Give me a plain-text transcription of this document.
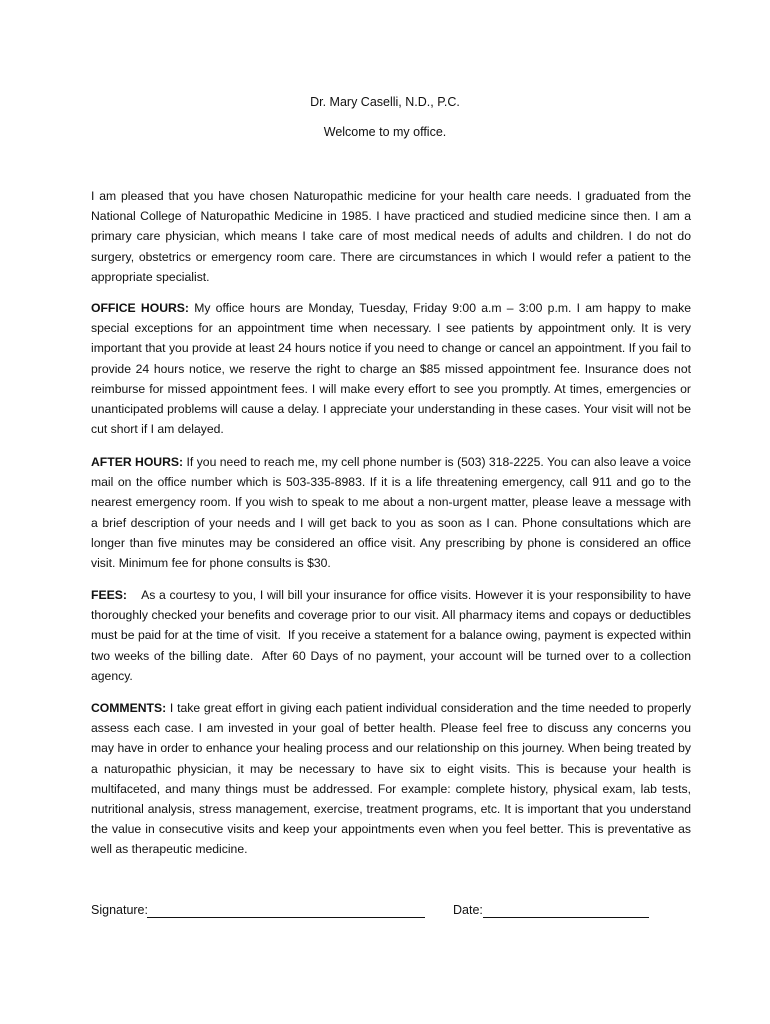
Dr. Mary Caselli, N.D., P.C.
Welcome to my office.

I am pleased that you have chosen Naturopathic medicine for your health care needs. I graduated from the National College of Naturopathic Medicine in 1985. I have practiced and studied medicine since then. I am a primary care physician, which means I take care of most medical needs of adults and children. I do not do surgery, obstetrics or emergency room care. There are circumstances in which I would refer a patient to the appropriate specialist.

OFFICE HOURS: My office hours are Monday, Tuesday, Friday 9:00 a.m – 3:00 p.m. I am happy to make special exceptions for an appointment time when necessary. I see patients by appointment only. It is very important that you provide at least 24 hours notice if you need to change or cancel an appointment. If you fail to provide 24 hours notice, we reserve the right to charge an $85 missed appointment fee. Insurance does not reimburse for missed appointment fees. I will make every effort to see you promptly. At times, emergencies or unanticipated problems will cause a delay. I appreciate your understanding in these cases. Your visit will not be cut short if I am delayed.

AFTER HOURS: If you need to reach me, my cell phone number is (503) 318-2225. You can also leave a voice mail on the office number which is 503-335-8983. If it is a life threatening emergency, call 911 and go to the nearest emergency room. If you wish to speak to me about a non-urgent matter, please leave a message with a brief description of your needs and I will get back to you as soon as I can. Phone consultations which are longer than five minutes may be considered an office visit. Any prescribing by phone is considered an office visit. Minimum fee for phone consults is $30.

FEES:    As a courtesy to you, I will bill your insurance for office visits. However it is your responsibility to have thoroughly checked your benefits and coverage prior to our visit. All pharmacy items and copays or deductibles must be paid for at the time of visit.  If you receive a statement for a balance owing, payment is expected within two weeks of the billing date.  After 60 Days of no payment, your account will be turned over to a collection agency.

COMMENTS: I take great effort in giving each patient individual consideration and the time needed to properly assess each case. I am invested in your goal of better health. Please feel free to discuss any concerns you may have in order to enhance your healing process and our relationship on this journey. When being treated by a naturopathic physician, it may be necessary to have six to eight visits. This is because your health is multifaceted, and many things must be addressed. For example: complete history, physical exam, lab tests, nutritional analysis, stress management, exercise, treatment programs, etc. It is important that you understand the value in consecutive visits and keep your appointments even when you feel better. This is preventative as well as therapeutic medicine.

Signature:	Date:
